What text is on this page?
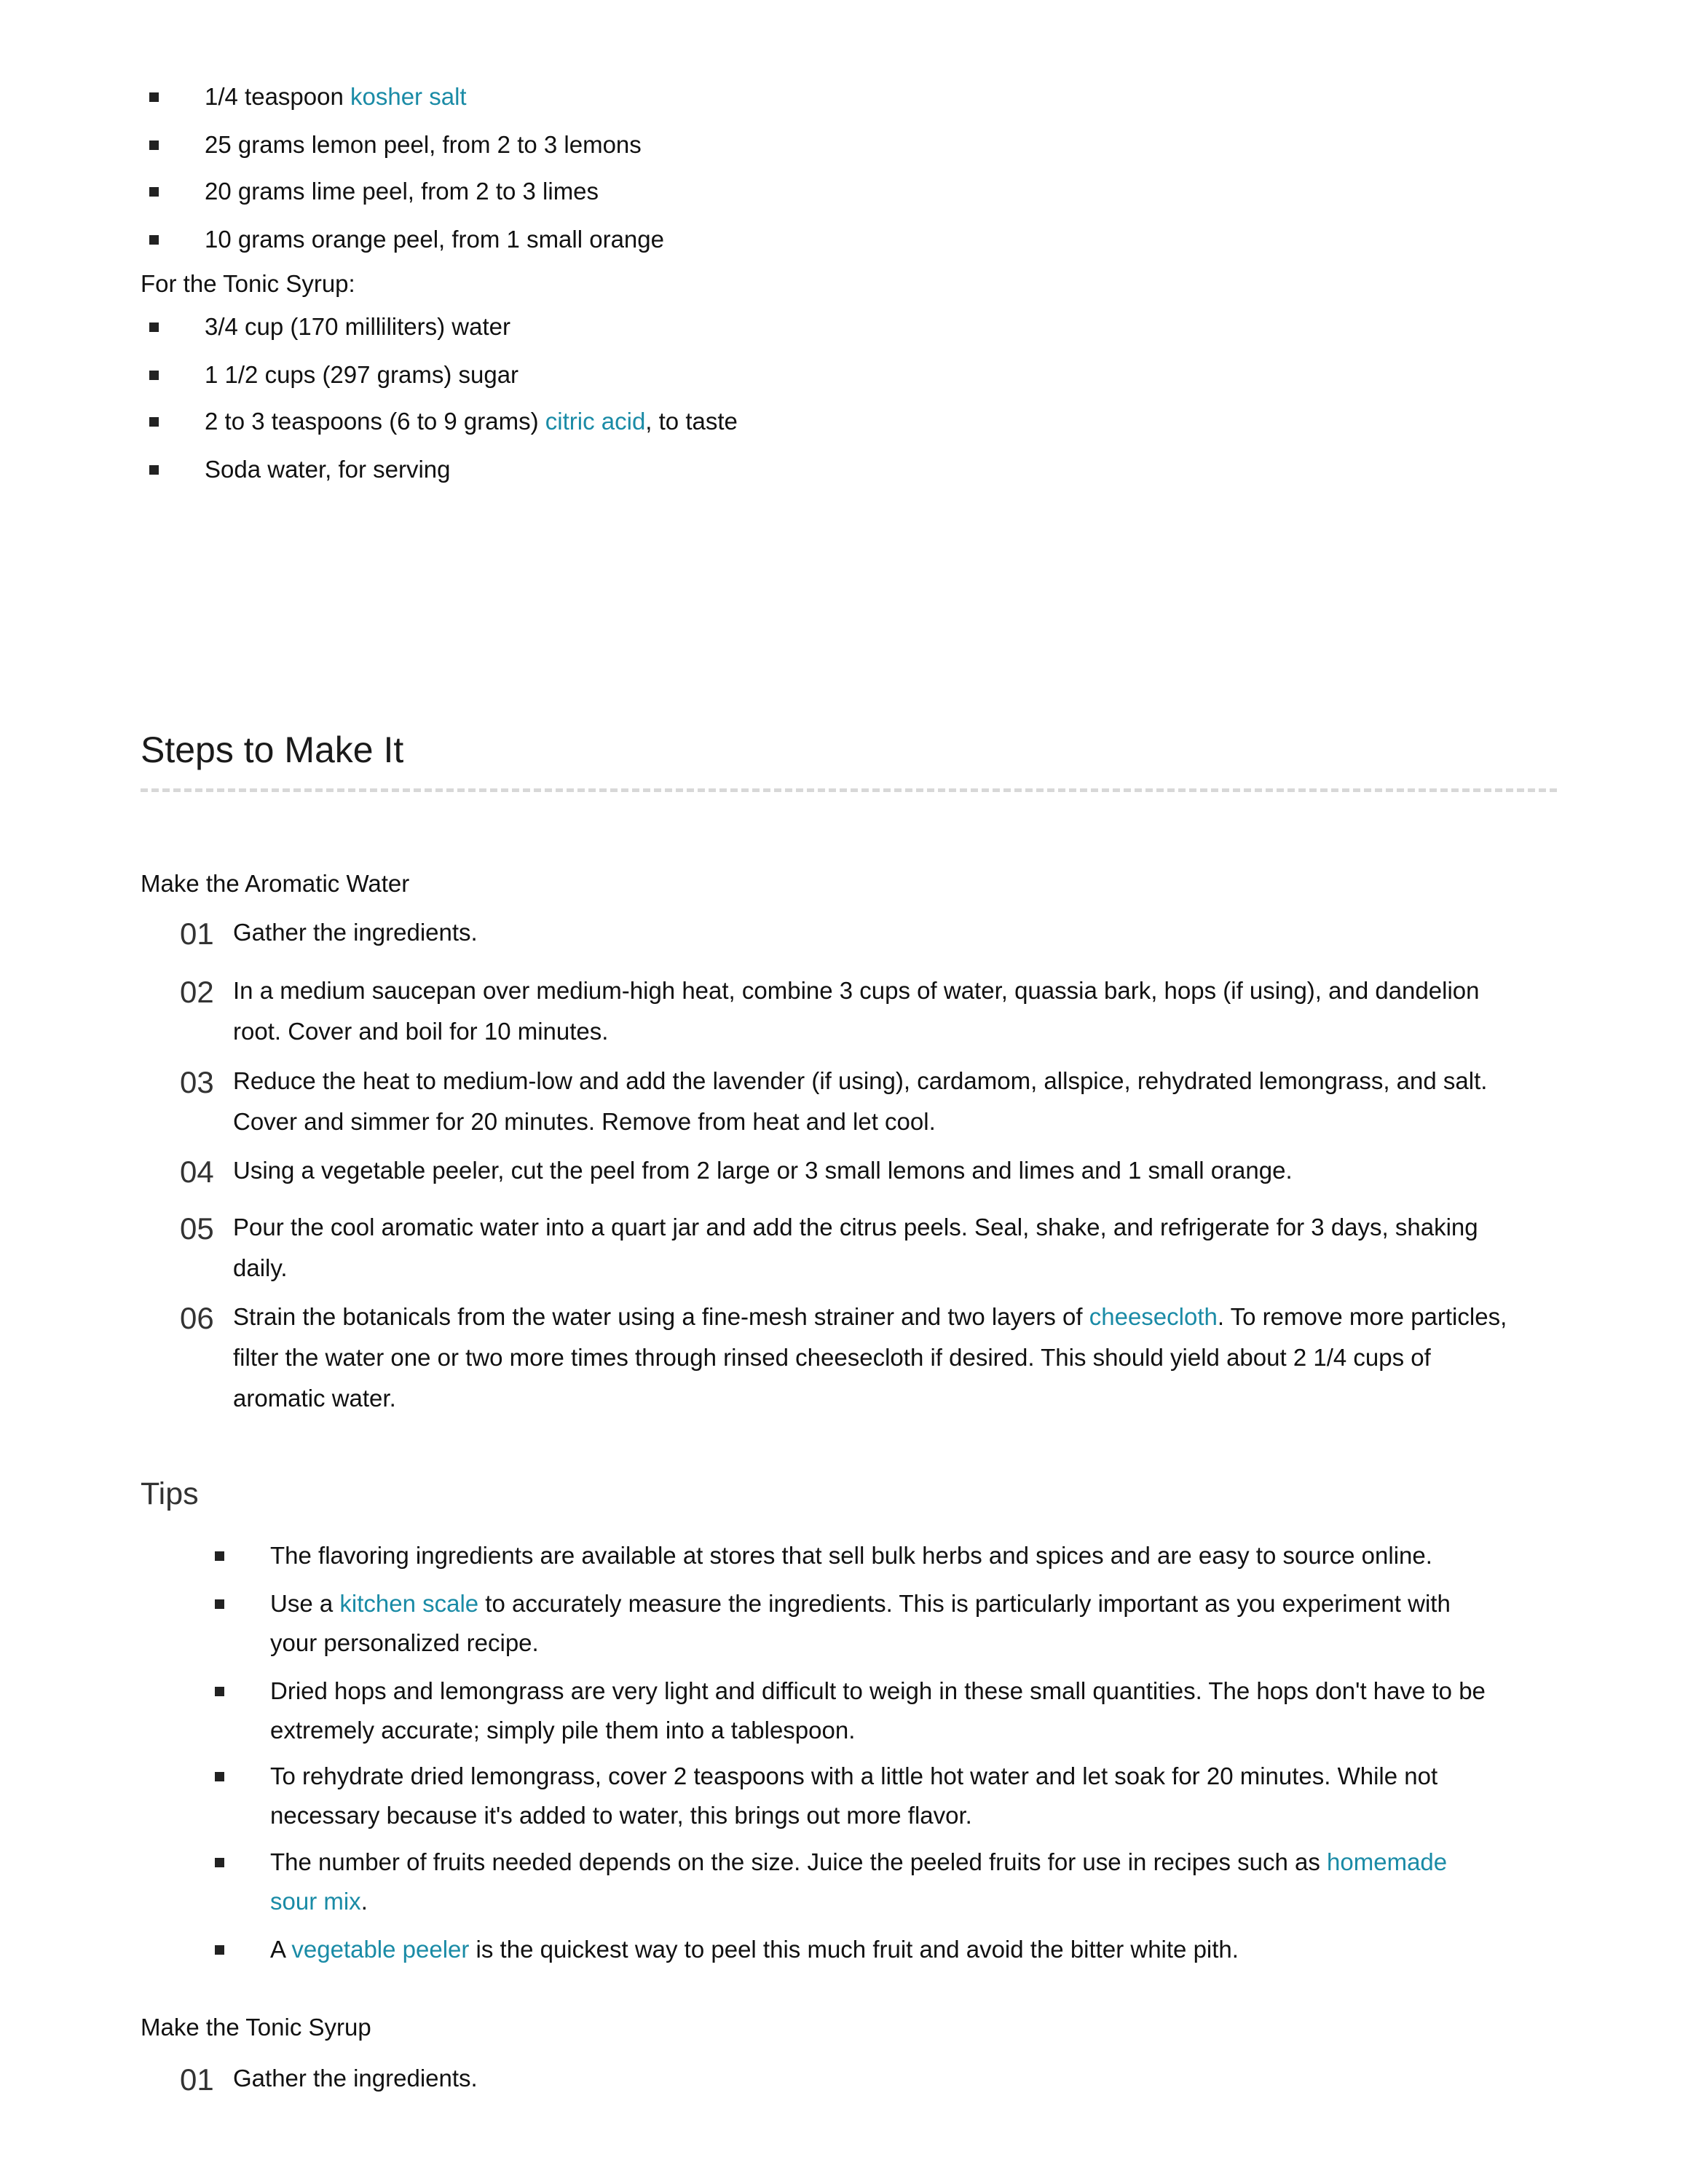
1/4 teaspoon kosher salt
25 grams lemon peel, from 2 to 3 lemons
20 grams lime peel, from 2 to 3 limes
10 grams orange peel, from 1 small orange
For the Tonic Syrup:
3/4 cup (170 milliliters) water
1 1/2 cups (297 grams) sugar
2 to 3 teaspoons (6 to 9 grams) citric acid, to taste
Soda water, for serving
Steps to Make It
Make the Aromatic Water
01 Gather the ingredients.
02 In a medium saucepan over medium-high heat, combine 3 cups of water, quassia bark, hops (if using), and dandelion root. Cover and boil for 10 minutes.
03 Reduce the heat to medium-low and add the lavender (if using), cardamom, allspice, rehydrated lemongrass, and salt. Cover and simmer for 20 minutes. Remove from heat and let cool.
04 Using a vegetable peeler, cut the peel from 2 large or 3 small lemons and limes and 1 small orange.
05 Pour the cool aromatic water into a quart jar and add the citrus peels. Seal, shake, and refrigerate for 3 days, shaking daily.
06 Strain the botanicals from the water using a fine-mesh strainer and two layers of cheesecloth. To remove more particles, filter the water one or two more times through rinsed cheesecloth if desired. This should yield about 2 1/4 cups of aromatic water.
Tips
The flavoring ingredients are available at stores that sell bulk herbs and spices and are easy to source online.
Use a kitchen scale to accurately measure the ingredients. This is particularly important as you experiment with your personalized recipe.
Dried hops and lemongrass are very light and difficult to weigh in these small quantities. The hops don't have to be extremely accurate; simply pile them into a tablespoon.
To rehydrate dried lemongrass, cover 2 teaspoons with a little hot water and let soak for 20 minutes. While not necessary because it's added to water, this brings out more flavor.
The number of fruits needed depends on the size. Juice the peeled fruits for use in recipes such as homemade sour mix.
A vegetable peeler is the quickest way to peel this much fruit and avoid the bitter white pith.
Make the Tonic Syrup
01 Gather the ingredients.
